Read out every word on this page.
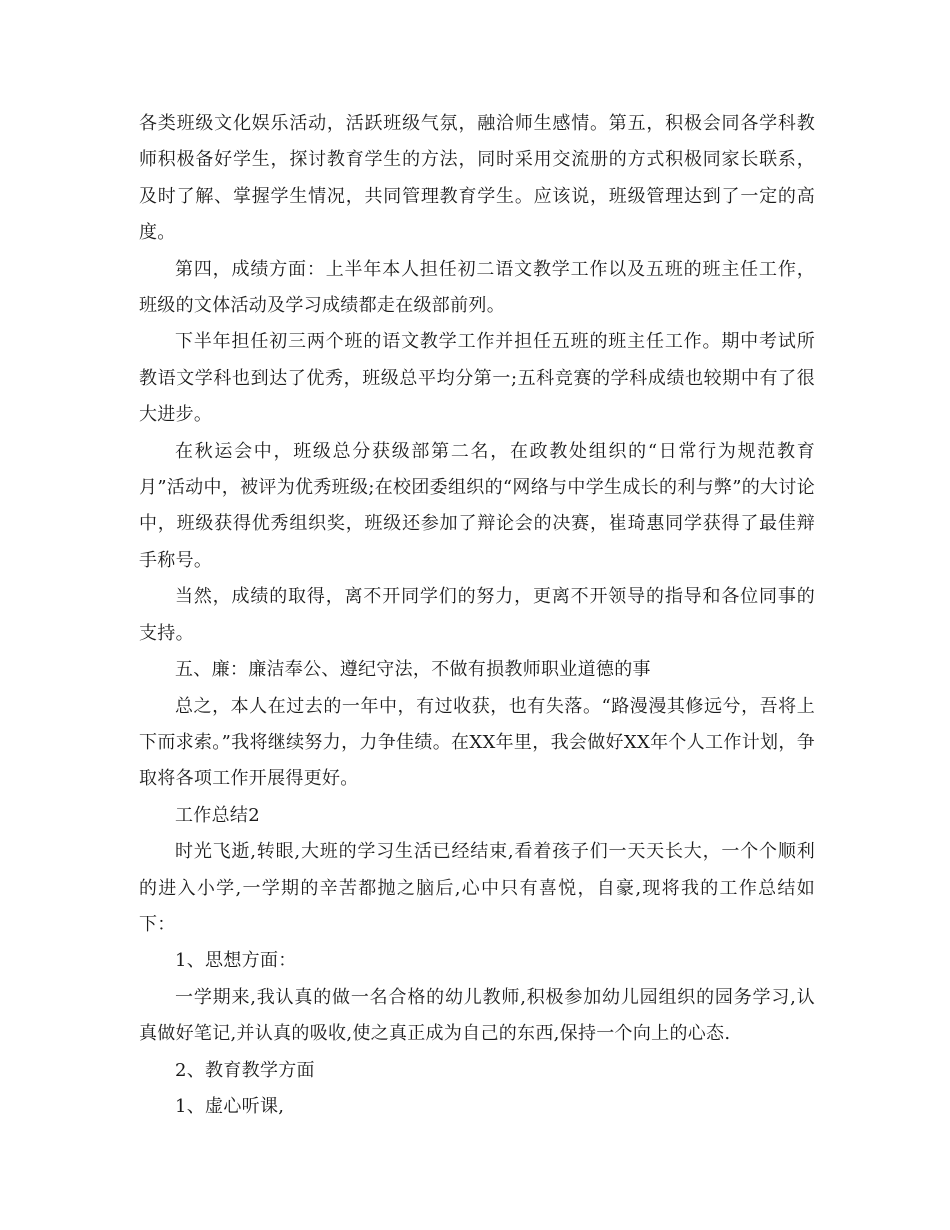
各类班级文化娱乐活动，活跃班级气氛，融洽师生感情。第五，积极会同各学科教师积极备好学生，探讨教育学生的方法，同时采用交流册的方式积极同家长联系，及时了解、掌握学生情况，共同管理教育学生。应该说，班级管理达到了一定的高度。

第四，成绩方面：上半年本人担任初二语文教学工作以及五班的班主任工作，班级的文体活动及学习成绩都走在级部前列。

下半年担任初三两个班的语文教学工作并担任五班的班主任工作。期中考试所教语文学科也到达了优秀，班级总平均分第一;五科竞赛的学科成绩也较期中有了很大进步。

在秋运会中，班级总分获级部第二名，在政教处组织的“日常行为规范教育月”活动中，被评为优秀班级;在校团委组织的“网络与中学生成长的利与弊”的大讨论中，班级获得优秀组织奖，班级还参加了辩论会的决赛，崔琦惠同学获得了最佳辩手称号。

当然，成绩的取得，离不开同学们的努力，更离不开领导的指导和各位同事的支持。

五、廉：廉洁奉公、遵纪守法，不做有损教师职业道德的事

总之，本人在过去的一年中，有过收获，也有失落。“路漫漫其修远兮，吾将上下而求索。”我将继续努力，力争佳绩。在XX年里，我会做好XX年个人工作计划，争取将各项工作开展得更好。

工作总结2

时光飞逝,转眼,大班的学习生活已经结束,看着孩子们一天天长大，一个个顺利的进入小学,一学期的辛苦都抛之脑后,心中只有喜悦，自豪,现将我的工作总结如下：

1、思想方面：

一学期来,我认真的做一名合格的幼儿教师,积极参加幼儿园组织的园务学习,认真做好笔记,并认真的吸收,使之真正成为自己的东西,保持一个向上的心态.

2、教育教学方面

1、虚心听课,
